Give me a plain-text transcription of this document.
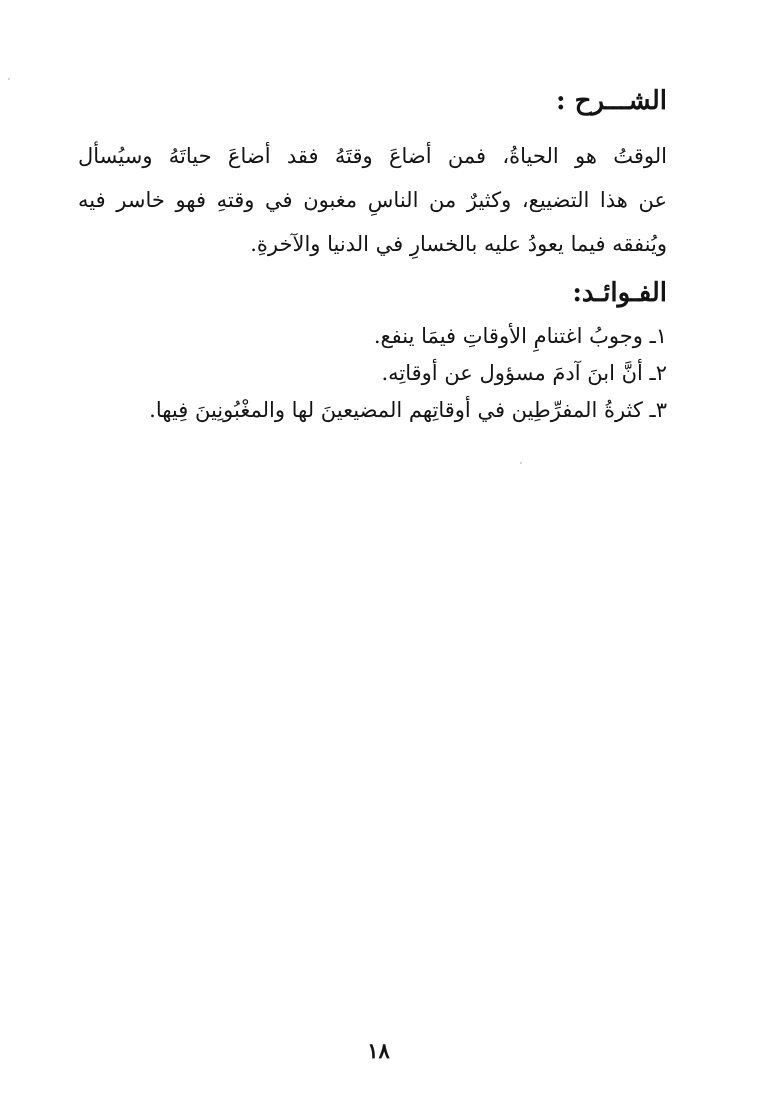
الشـــرح :

الوقتُ هو الحياةُ، فمن أضاعَ وقتَهُ فقد أضاعَ حياتَهُ وسيُسأل

عن هذا التضييع، وكثيرٌ من الناسِ مغبون في وقتهِ فهو خاسر فيه

ويُنفقه فيما يعودُ عليه بالخسارِ في الدنيا والآخرةِ.

الفـوائـد:
١ـ وجوبُ اغتنامِ الأوقاتِ فيمَا ينفع.
٢ـ أنَّ ابنَ آدمَ مسؤول عن أوقاتِه.
٣ـ كثرةُ المفرِّطِين في أوقاتِهم المضيعينَ لها والمغْبُونِينَ فِيها.
١٨
